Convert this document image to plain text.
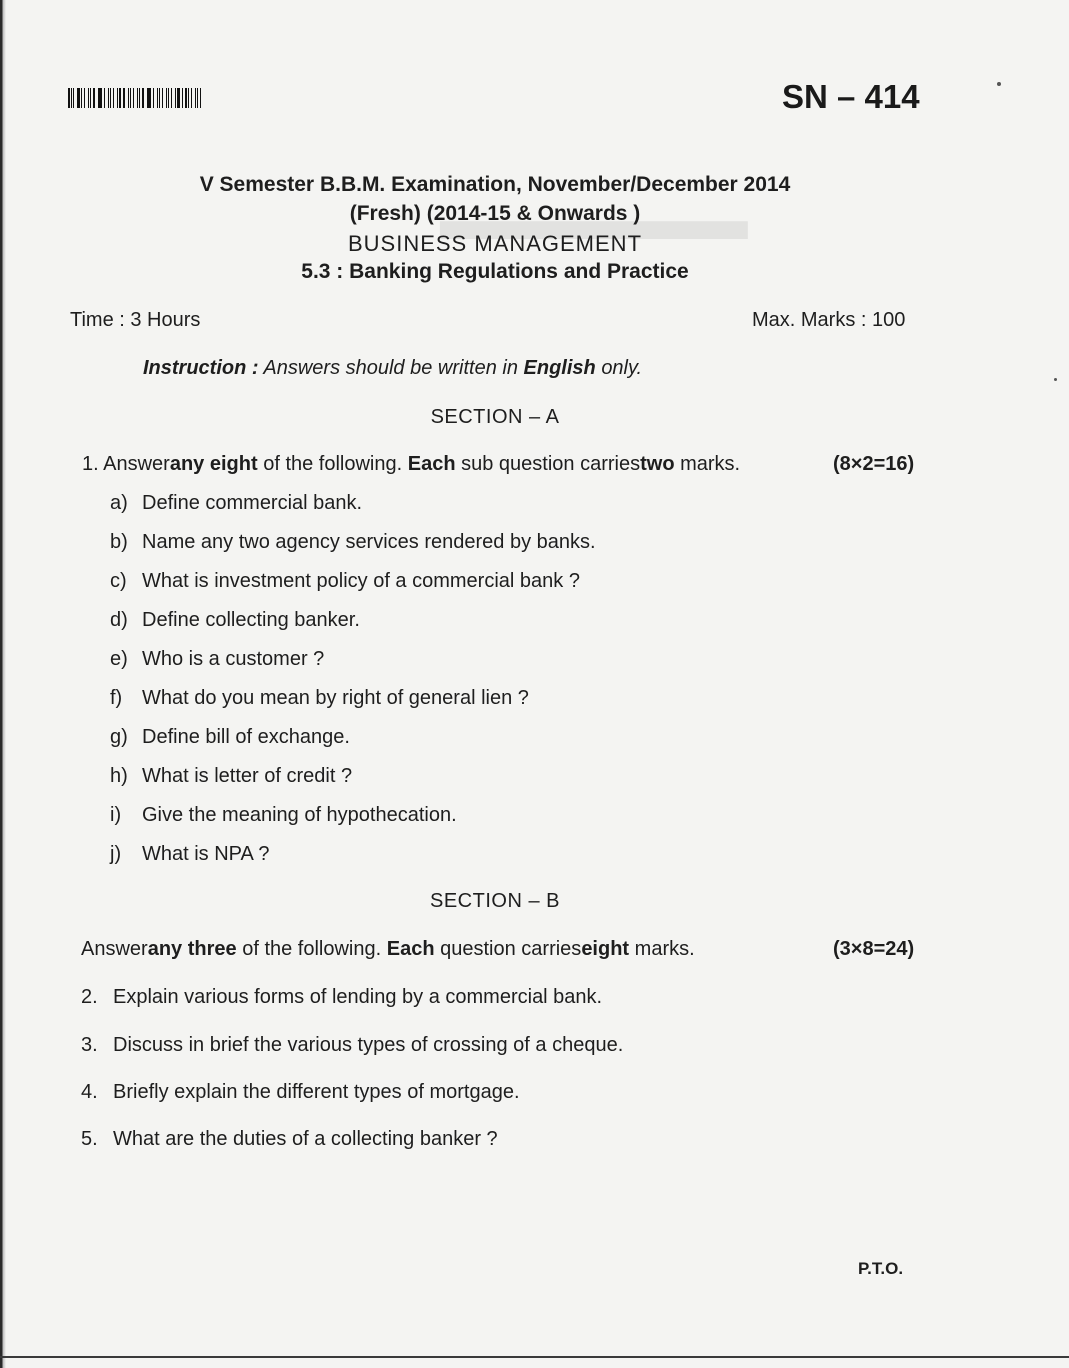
▆▆▆▆▆▆▆▆▆▆▆▆▆▆▆▆▆▆▆▆
SN – 414
V Semester B.B.M. Examination, November/December 2014
(Fresh) (2014-15 & Onwards )
BUSINESS MANAGEMENT
5.3 : Banking Regulations and Practice
Time : 3 Hours	Max. Marks : 100
Instruction : Answers should be written in English only.
SECTION – A
1. Answerany eight of the following. Each sub question carriestwo marks.	(8×2=16)
a) Define commercial bank.
b) Name any two agency services rendered by banks.
c) What is investment policy of a commercial bank ?
d) Define collecting banker.
e) Who is a customer ?
f) What do you mean by right of general lien ?
g) Define bill of exchange.
h) What is letter of credit ?
i) Give the meaning of hypothecation.
j) What is NPA ?
SECTION – B
Answerany three of the following. Each question carrieseight marks.	(3×8=24)
2. Explain various forms of lending by a commercial bank.
3. Discuss in brief the various types of crossing of a cheque.
4. Briefly explain the different types of mortgage.
5. What are the duties of a collecting banker ?
P.T.O.
